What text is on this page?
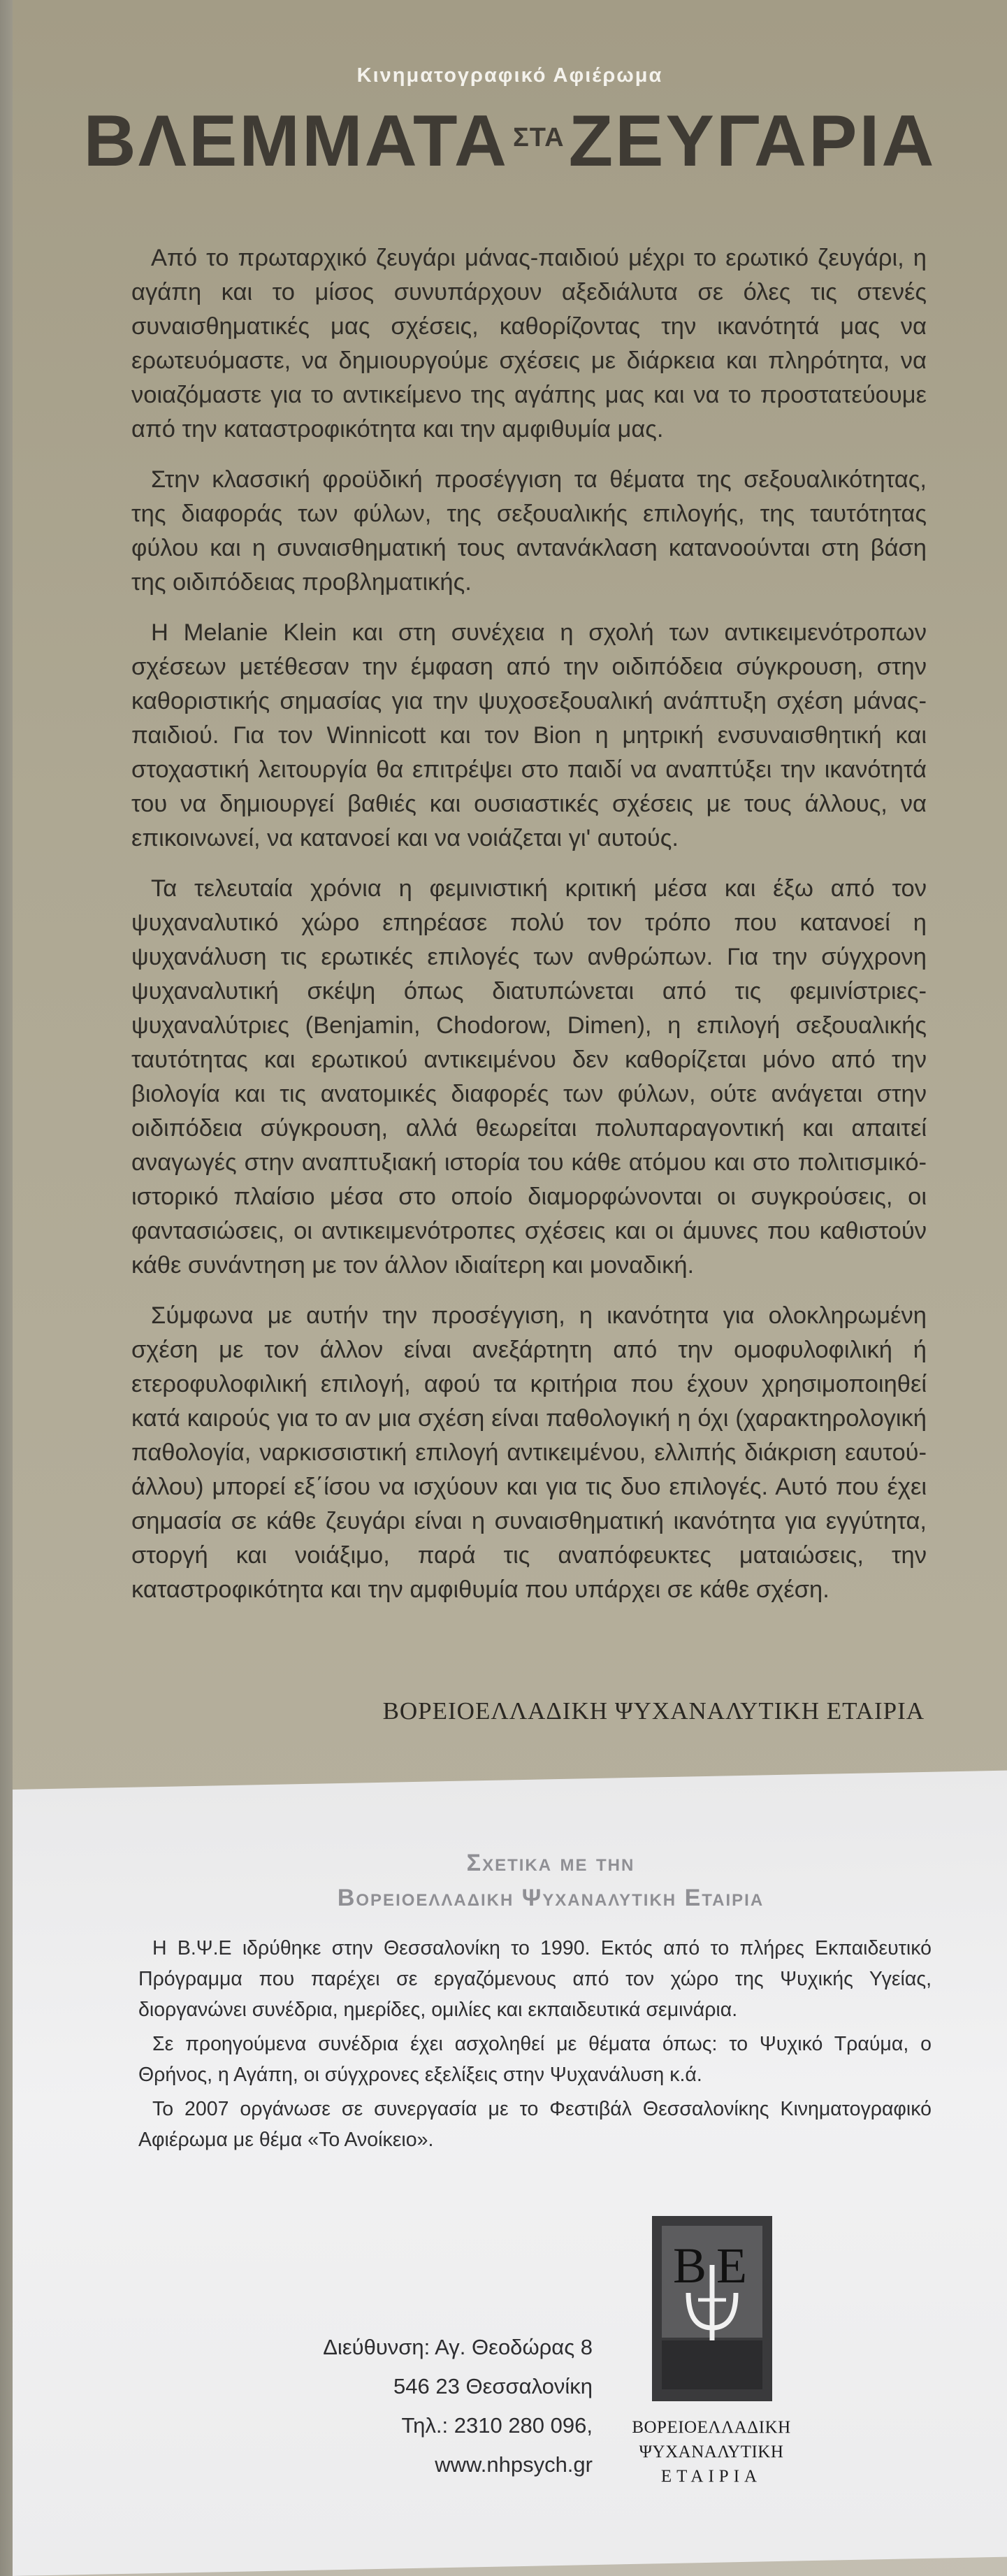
Κινηματογραφικό Αφιέρωμα
ΒΛΕΜΜΑΤΑ $^{\Sigma TA}$ΖΕΥΓΑΡΙΑ

Από το πρωταρχικό ζευγάρι μάνας-παιδιού μέχρι το ερωτικό ζευγάρι, η αγάπη και το μίσος συνυπάρχουν αξεδιάλυτα σε όλες τις στενές συναισθηματικές μας σχέσεις, καθορίζοντας την ικανότητά μας να ερωτευόμαστε, να δημιουργούμε σχέσεις με διάρκεια και πληρότητα, να νοιαζόμαστε για το αντικείμενο της αγάπης μας και να το προστατεύουμε από την καταστροφικότητα και την αμφιθυμία μας.

Στην κλασσική φροϋδική προσέγγιση τα θέματα της σεξουαλικότητας, της διαφοράς των φύλων, της σεξουαλικής επιλογής, της ταυτότητας φύλου και η συναισθηματική τους αντανάκλαση κατανοούνται στη βάση της οιδιπόδειας προβληματικής.

Η Melanie Klein και στη συνέχεια η σχολή των αντικειμενότροπων σχέσεων μετέθεσαν την έμφαση από την οιδιπόδεια σύγκρουση, στην καθοριστικής σημασίας για την ψυχοσεξουαλική ανάπτυξη σχέση μάνας-παιδιού. Για τον Winnicott και τον Bion η μητρική ενσυναισθητική και στοχαστική λειτουργία θα επιτρέψει στο παιδί να αναπτύξει την ικανότητά του να δημιουργεί βαθιές και ουσιαστικές σχέσεις με τους άλλους, να επικοινωνεί, να κατανοεί και να νοιάζεται γι' αυτούς.

Τα τελευταία χρόνια η φεμινιστική κριτική μέσα και έξω από τον ψυχαναλυτικό χώρο επηρέασε πολύ τον τρόπο που κατανοεί η ψυχανάλυση τις ερωτικές επιλογές των ανθρώπων. Για την σύγχρονη ψυχαναλυτική σκέψη όπως διατυπώνεται από τις φεμινίστριες-ψυχαναλύτριες (Benjamin, Chodorow, Dimen), η επιλογή σεξουαλικής ταυτότητας και ερωτικού αντικειμένου δεν καθορίζεται μόνο από την βιολογία και τις ανατομικές διαφορές των φύλων, ούτε ανάγεται στην οιδιπόδεια σύγκρουση, αλλά θεωρείται πολυπαραγοντική και απαιτεί αναγωγές στην αναπτυξιακή ιστορία του κάθε ατόμου και στο πολιτισμικό-ιστορικό πλαίσιο μέσα στο οποίο διαμορφώνονται οι συγκρούσεις, οι φαντασιώσεις, οι αντικειμενότροπες σχέσεις και οι άμυνες που καθιστούν κάθε συνάντηση με τον άλλον ιδιαίτερη και μοναδική.

Σύμφωνα με αυτήν την προσέγγιση, η ικανότητα για ολοκληρωμένη σχέση με τον άλλον είναι ανεξάρτητη από την ομοφυλοφιλική ή ετεροφυλοφιλική επιλογή, αφού τα κριτήρια που έχουν χρησιμοποιηθεί κατά καιρούς για το αν μια σχέση είναι παθολογική η όχι (χαρακτηρολογική παθολογία, ναρκισσιστική επιλογή αντικειμένου, ελλιπής διάκριση εαυτού-άλλου) μπορεί εξ΄ίσου να ισχύουν και για τις δυο επιλογές. Αυτό που έχει σημασία σε κάθε ζευγάρι είναι η συναισθηματική ικανότητα για εγγύτητα, στοργή και νοιάξιμο, παρά τις αναπόφευκτες ματαιώσεις, την καταστροφικότητα και την αμφιθυμία που υπάρχει σε κάθε σχέση.

ΒΟΡΕΙΟΕΛΛΑΔΙΚΗ ΨΥΧΑΝΑΛΥΤΙΚΗ ΕΤΑΙΡΙΑ
Σχετικα με την
Βορειοελλαδικη Ψυχαναλυτικη Εταιρια

Η Β.Ψ.Ε ιδρύθηκε στην Θεσσαλονίκη το 1990. Εκτός από το πλήρες Εκπαιδευτικό Πρόγραμμα που παρέχει σε εργαζόμενους από τον χώρο της Ψυχικής Υγείας, διοργανώνει συνέδρια, ημερίδες, ομιλίες και εκπαιδευτικά σεμινάρια.

Σε προηγούμενα συνέδρια έχει ασχοληθεί με θέματα όπως: το Ψυχικό Τραύμα, ο Θρήνος, η Αγάπη, οι σύγχρονες εξελίξεις στην Ψυχανάλυση κ.ά.

Το 2007 οργάνωσε σε συνεργασία με το Φεστιβάλ Θεσσαλονίκης Κινηματογραφικό Αφιέρωμα με θέμα «Το Ανοίκειο».

Διεύθυνση: Αγ. Θεοδώρας 8
546 23 Θεσσαλονίκη
Τηλ.: 2310 280 096,
www.nhpsych.gr
B E
ΒΟΡΕΙΟΕΛΛΑΔΙΚΗ
ΨΥΧΑΝΑΛΥΤΙΚΗ
ΕΤΑΙΡΙΑ
